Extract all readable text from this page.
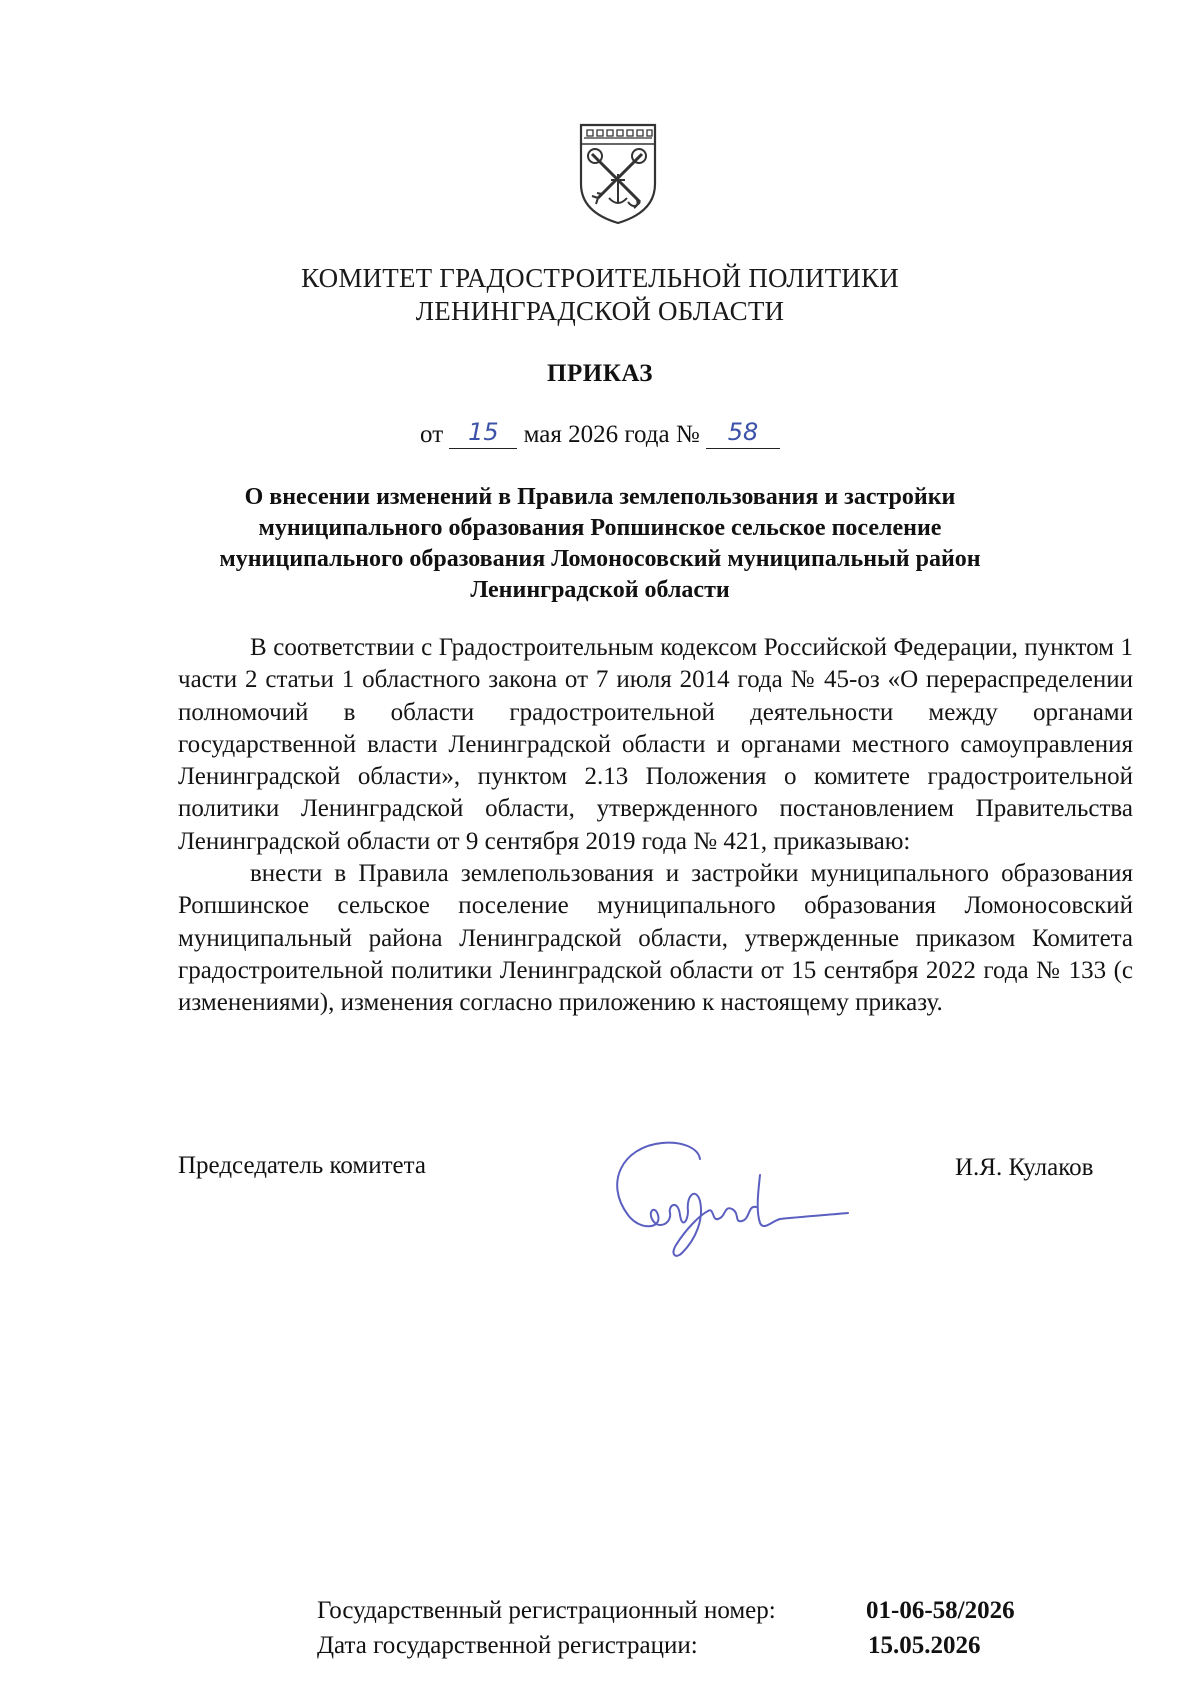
КОМИТЕТ ГРАДОСТРОИТЕЛЬНОЙ ПОЛИТИКИ
ЛЕНИНГРАДСКОЙ ОБЛАСТИ
ПРИКАЗ
от 15 мая 2026 года № 58
О внесении изменений в Правила землепользования и застройки
муниципального образования Ропшинское сельское поселение
муниципального образования Ломоносовский муниципальный район
Ленинградской области

В соответствии с Градостроительным кодексом Российской Федерации, пунктом 1 части 2 статьи 1 областного закона от 7 июля 2014 года № 45-оз «О перераспределении полномочий в области градостроительной деятельности между органами государственной власти Ленинградской области и органами местного самоуправления Ленинградской области», пунктом 2.13 Положения о комитете градостроительной политики Ленинградской области, утвержденного постановлением Правительства Ленинградской области от 9 сентября 2019 года № 421, приказываю:

внести в Правила землепользования и застройки муниципального образования Ропшинское сельское поселение муниципального образования Ломоносовский муниципальный района Ленинградской области, утвержденные приказом Комитета градостроительной политики Ленинградской области от 15 сентября 2022 года № 133 (с изменениями), изменения согласно приложению к настоящему приказу.

Председатель комитета	И.Я. Кулаков
Государственный регистрационный номер:	01-06-58/2026
Дата государственной регистрации:	15.05.2026
